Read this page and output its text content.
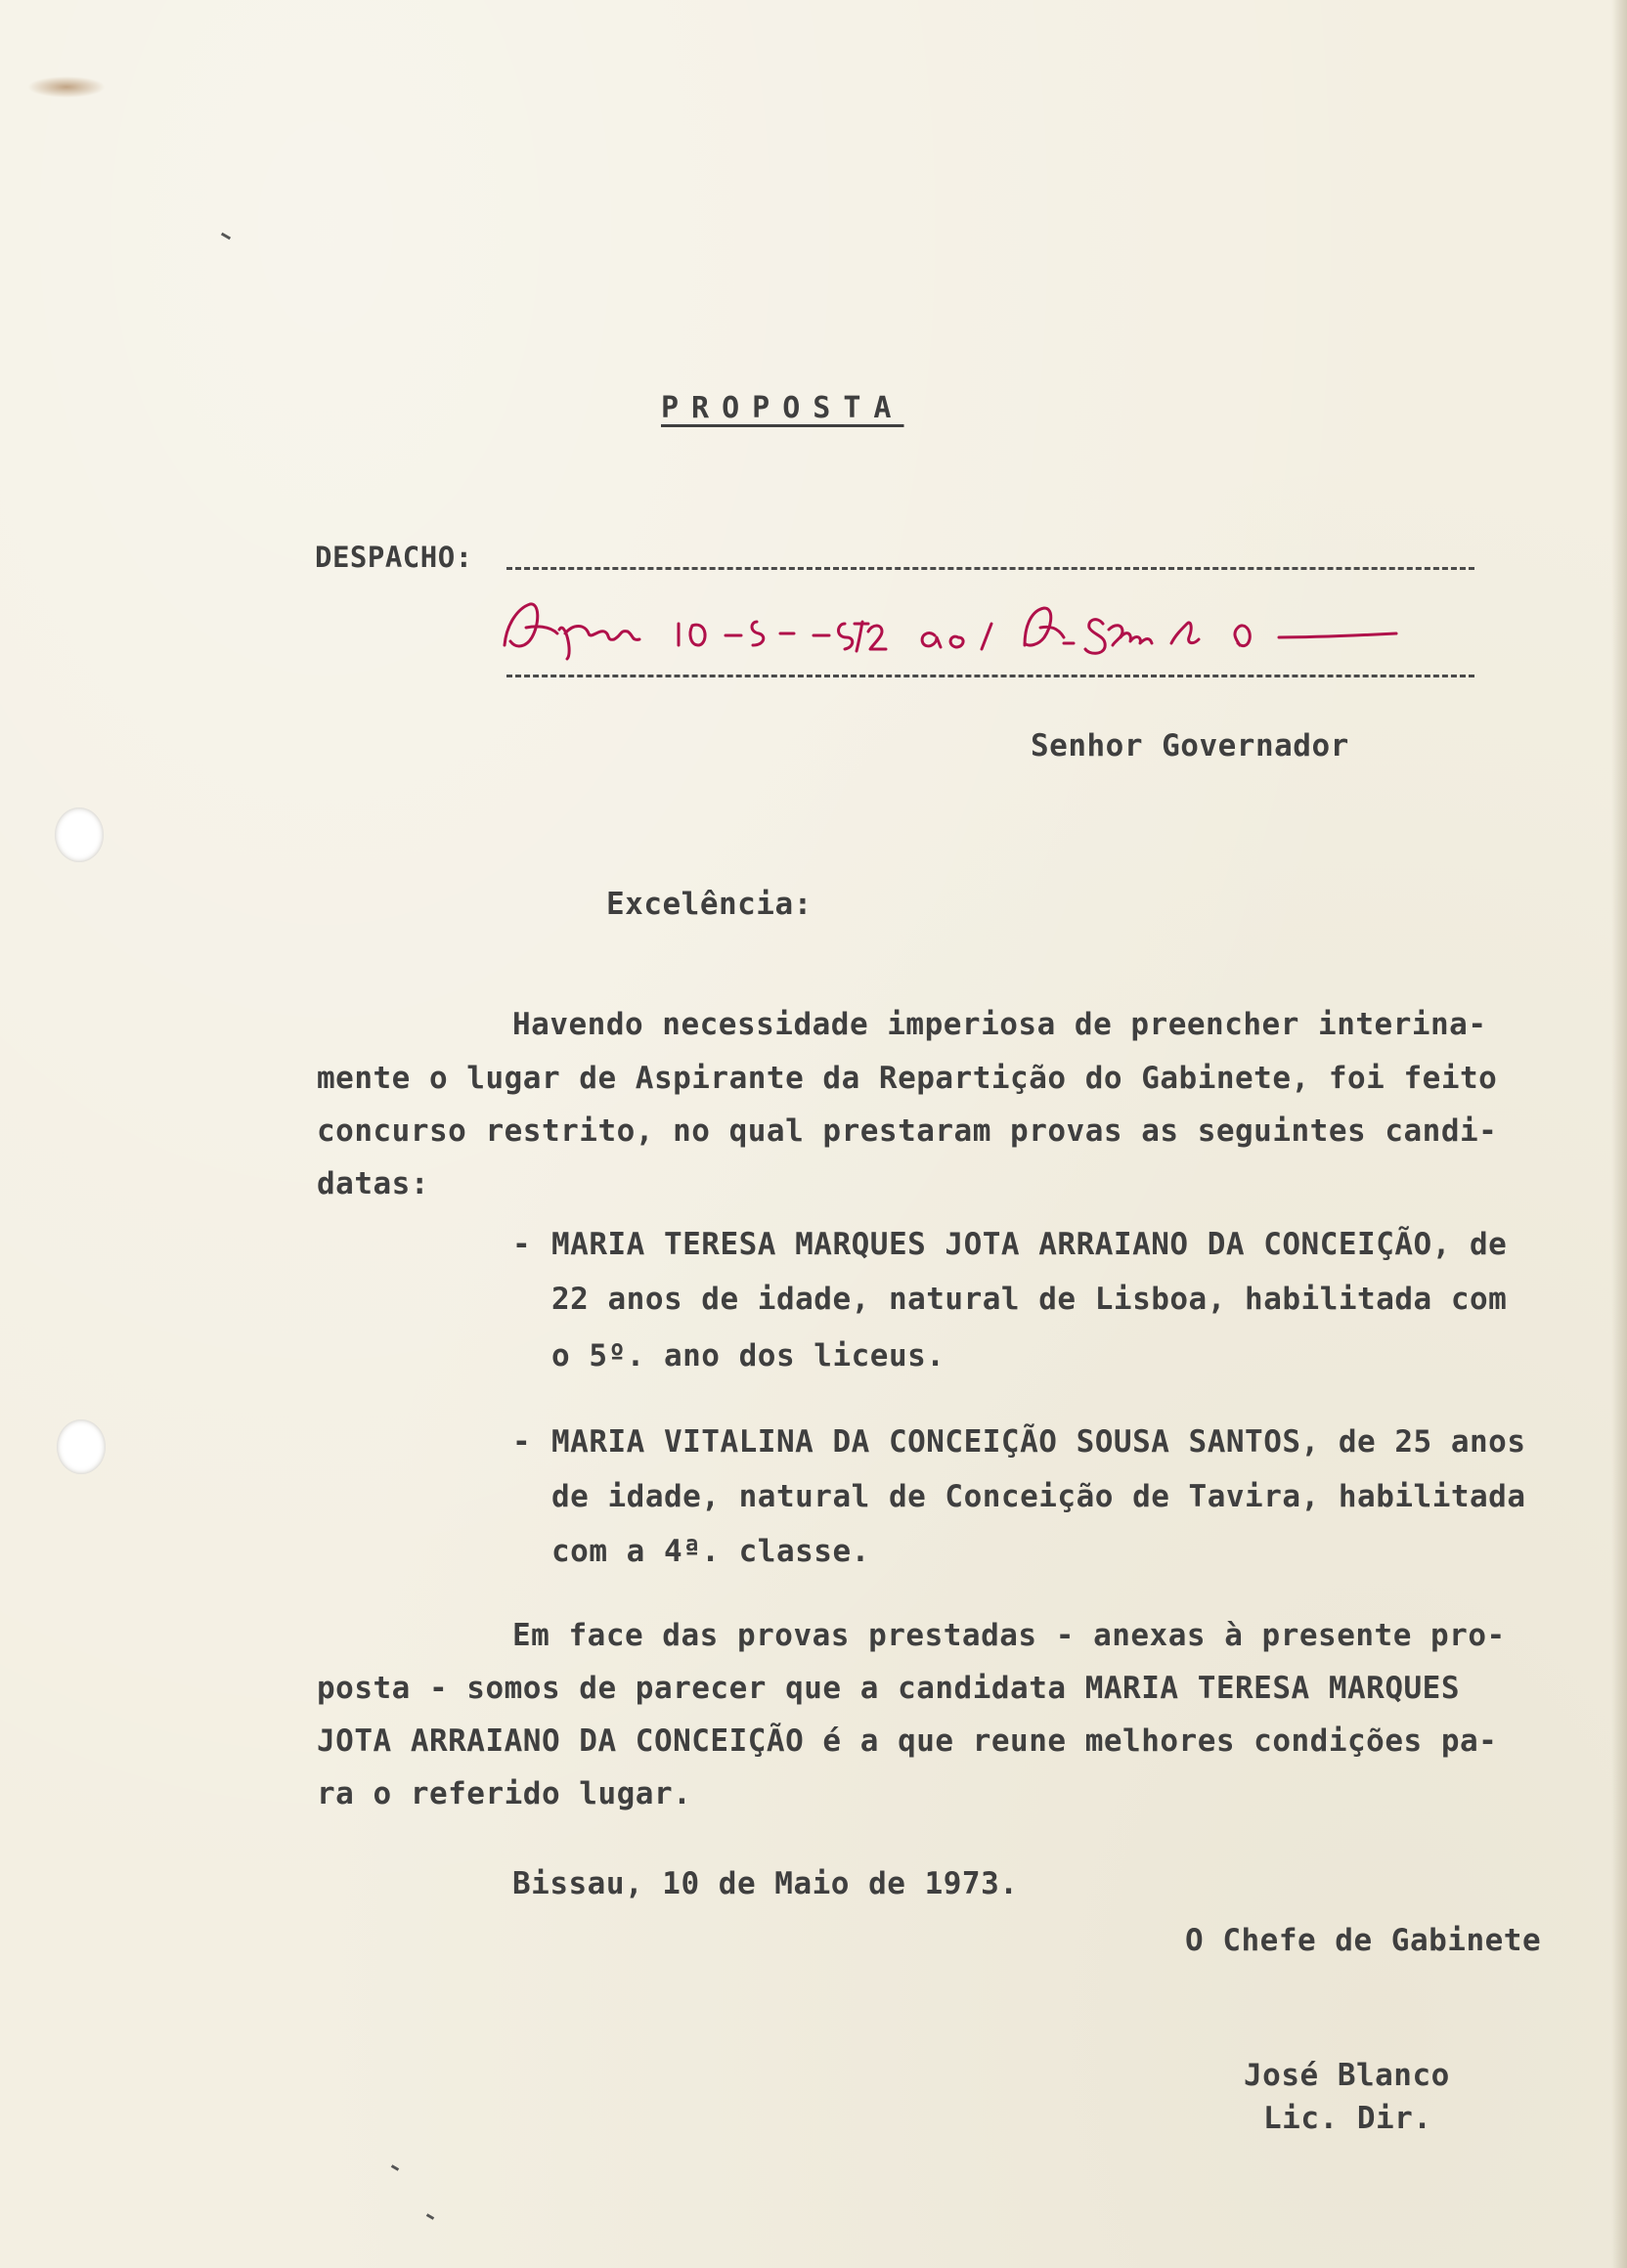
PROPOSTA
DESPACHO:
Senhor Governador
Excelência:
Havendo necessidade imperiosa de preencher interina-
mente o lugar de Aspirante da Repartição do Gabinete, foi feito
concurso restrito, no qual prestaram provas as seguintes candi-
datas:
- MARIA TERESA MARQUES JOTA ARRAIANO DA CONCEIÇÃO, de
22 anos de idade, natural de Lisboa, habilitada com
o 5º. ano dos liceus.
- MARIA VITALINA DA CONCEIÇÃO SOUSA SANTOS, de 25 anos
de idade, natural de Conceição de Tavira, habilitada
com a 4ª. classe.
Em face das provas prestadas - anexas à presente pro-
posta - somos de parecer que a candidata MARIA TERESA MARQUES
JOTA ARRAIANO DA CONCEIÇÃO é a que reune melhores condições pa-
ra o referido lugar.
Bissau, 10 de Maio de 1973.
O Chefe de Gabinete
José Blanco
Lic. Dir.
